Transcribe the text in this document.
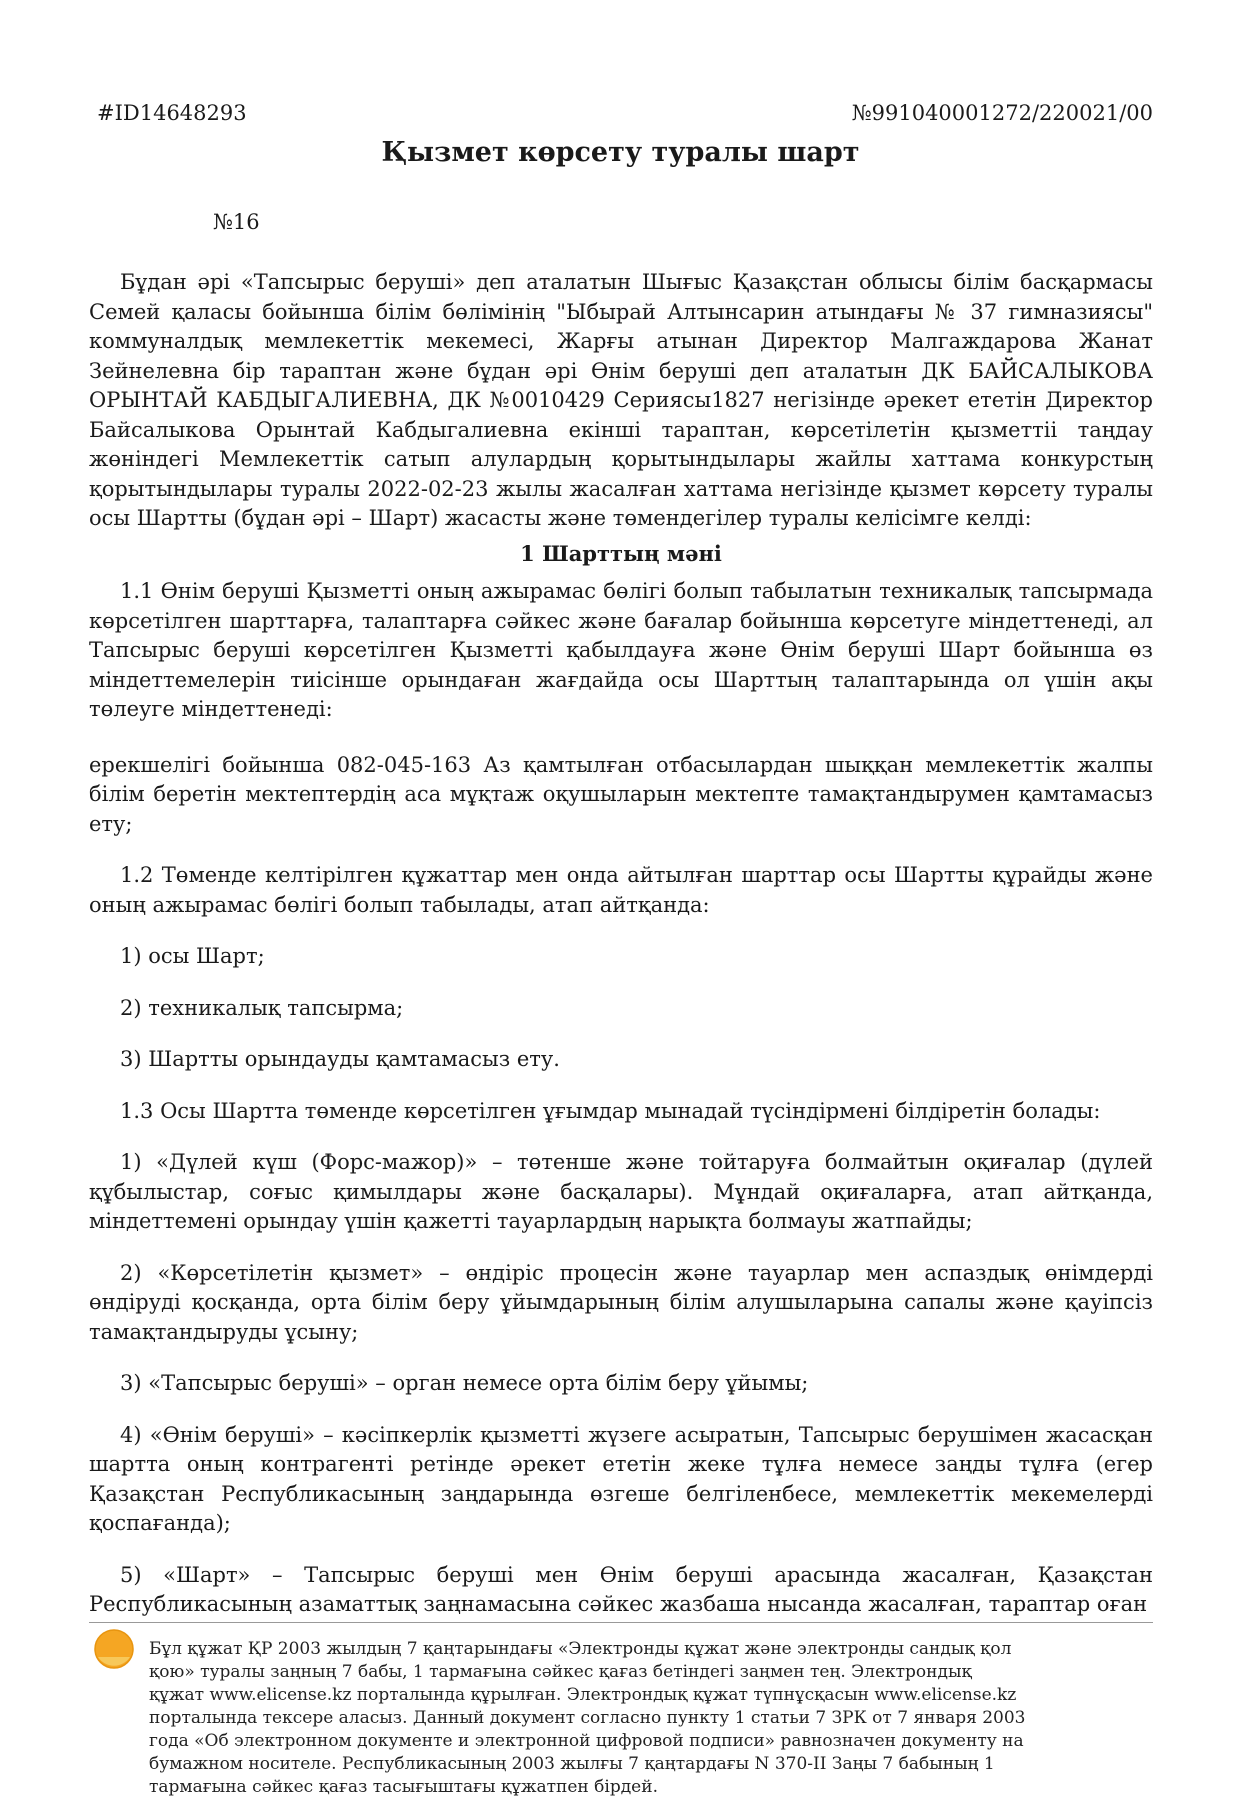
#ID14648293	№991040001272/220021/00
Қызмет көрсету туралы шарт
№16

Бұдан әрі «Тапсырыс беруші» деп аталатын Шығыс Қазақстан облысы білім басқармасы Семей қаласы бойынша білім бөлімінің "Ыбырай Алтынсарин атындағы № 37 гимназиясы" коммуналдық мемлекеттік мекемесі, Жарғы атынан Директор Малгаждарова Жанат Зейнелевна бір тараптан және бұдан әрі Өнім беруші деп аталатын ДК БАЙСАЛЫКОВА ОРЫНТАЙ КАБДЫГАЛИЕВНА, ДК №0010429 Сериясы1827 негізінде әрекет ететін Директор Байсалыкова Орынтай Кабдыгалиевна екінші тараптан, көрсетілетін қызметтіі таңдау жөніндегі Мемлекеттік сатып алулардың қорытындылары жайлы хаттама конкурстың қорытындылары туралы 2022-02-23 жылы жасалған хаттама негізінде қызмет көрсету туралы осы Шартты (бұдан әрі – Шарт) жасасты және төмендегілер туралы келісімге келді:

1 Шарттың мәні

1.1 Өнім беруші Қызметті оның ажырамас бөлігі болып табылатын техникалық тапсырмада көрсетілген шарттарға, талаптарға сәйкес және бағалар бойынша көрсетуге міндеттенеді, ал Тапсырыс беруші көрсетілген Қызметті қабылдауға және Өнім беруші Шарт бойынша өз міндеттемелерін тиісінше орындаған жағдайда осы Шарттың талаптарында ол үшін ақы төлеуге міндеттенеді:

ерекшелігі бойынша 082-045-163 Аз қамтылған отбасылардан шыққан мемлекеттік жалпы білім беретін мектептердің аса мұқтаж оқушыларын мектепте тамақтандырумен қамтамасыз ету;

1.2 Төменде келтірілген құжаттар мен онда айтылған шарттар осы Шартты құрайды және оның ажырамас бөлігі болып табылады, атап айтқанда:

1) осы Шарт;

2) техникалық тапсырма;

3) Шартты орындауды қамтамасыз ету.

1.3 Осы Шартта төменде көрсетілген ұғымдар мынадай түсіндірмені білдіретін болады:

1) «Дүлей күш (Форс-мажор)» – төтенше және тойтаруға болмайтын оқиғалар (дүлей құбылыстар, соғыс қимылдары және басқалары). Мұндай оқиғаларға, атап айтқанда, міндеттемені орындау үшін қажетті тауарлардың нарықта болмауы жатпайды;

2) «Көрсетілетін қызмет» – өндіріс процесін және тауарлар мен аспаздық өнімдерді өндіруді қосқанда, орта білім беру ұйымдарының білім алушыларына сапалы және қауіпсіз тамақтандыруды ұсыну;

3) «Тапсырыс беруші» – орган немесе орта білім беру ұйымы;

4) «Өнім беруші» – кәсіпкерлік қызметті жүзеге асыратын, Тапсырыс берушімен жасасқан шартта оның контрагенті ретінде әрекет ететін жеке тұлға немесе заңды тұлға (егер Қазақстан Республикасының заңдарында өзгеше белгіленбесе, мемлекеттік мекемелерді қоспағанда);

5) «Шарт» – Тапсырыс беруші мен Өнім беруші арасында жасалған, Қазақстан Республикасының азаматтық заңнамасына сәйкес жазбаша нысанда жасалған, тараптар оған

Бұл құжат ҚР 2003 жылдың 7 қаңтарындағы «Электронды құжат және электронды сандық қол қою» туралы заңның 7 бабы, 1 тармағына сәйкес қағаз бетіндегі заңмен тең. Электрондық құжат www.elicense.kz порталында құрылған. Электрондық құжат түпнұсқасын www.elicense.kz порталында тексере аласыз. Данный документ согласно пункту 1 статьи 7 ЗРК от 7 января 2003 года «Об электронном документе и электронной цифровой подписи» равнозначен документу на бумажном носителе. Республикасының 2003 жылғы 7 қаңтардағы N 370-II Заңы 7 бабының 1 тармағына сәйкес қағаз тасығыштағы құжатпен бірдей.
